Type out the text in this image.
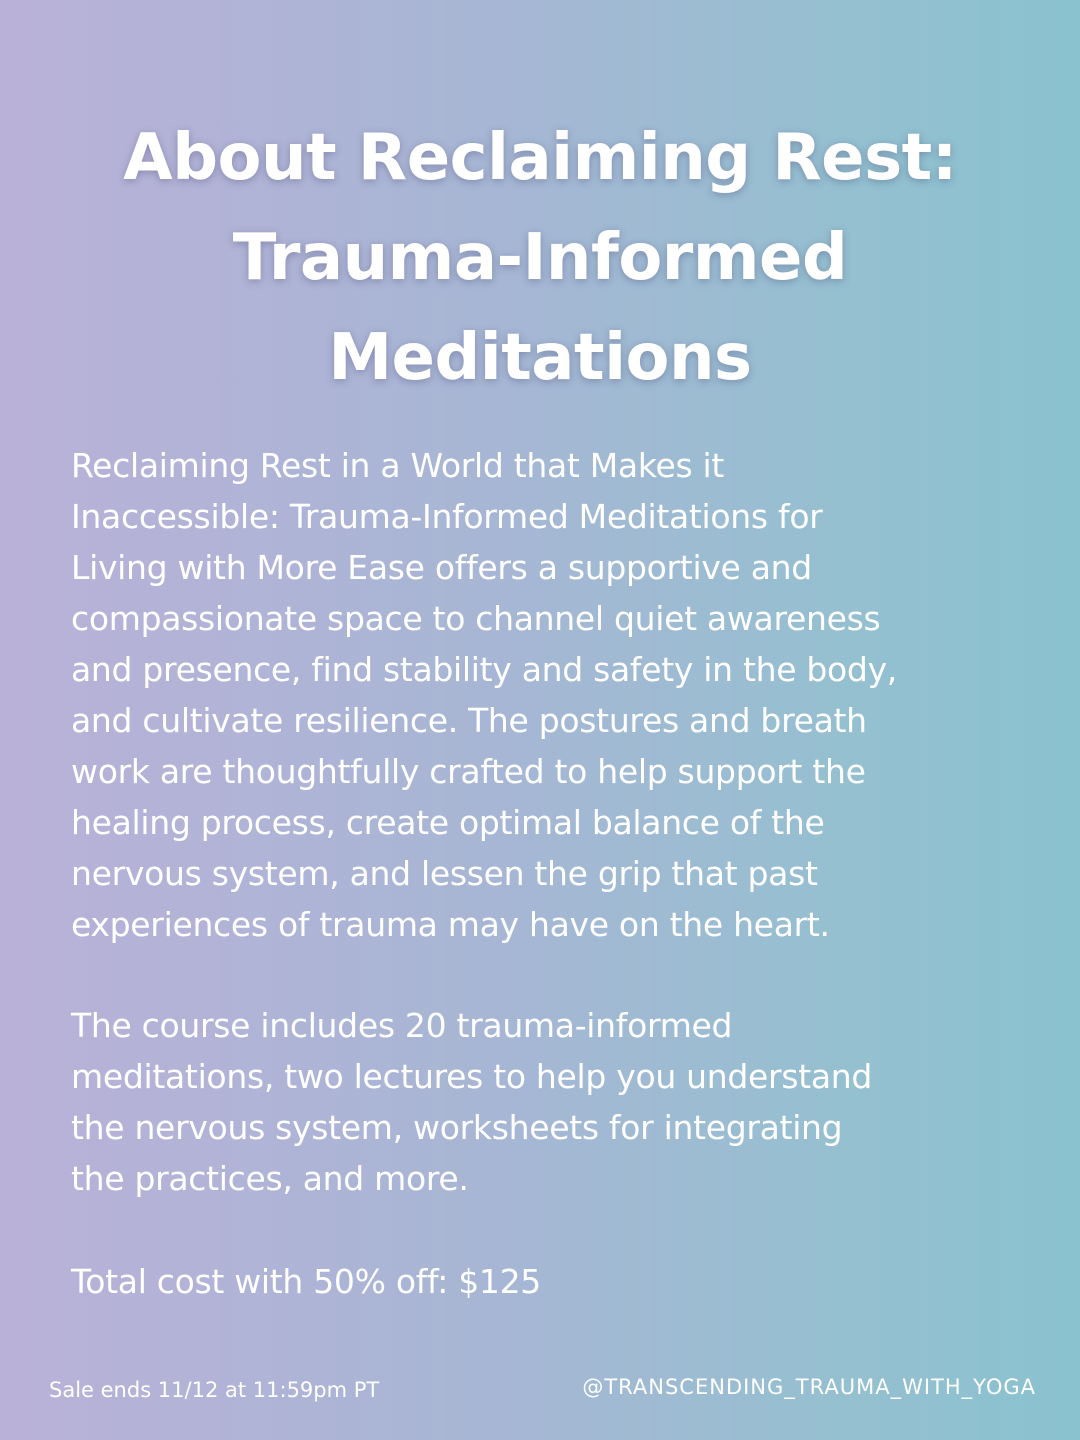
About Reclaiming Rest:
Trauma-Informed
Meditations

Reclaiming Rest in a World that Makes it
Inaccessible: Trauma-Informed Meditations for
Living with More Ease offers a supportive and
compassionate space to channel quiet awareness
and presence, find stability and safety in the body,
and cultivate resilience. The postures and breath
work are thoughtfully crafted to help support the
healing process, create optimal balance of the
nervous system, and lessen the grip that past
experiences of trauma may have on the heart.

The course includes 20 trauma-informed
meditations, two lectures to help you understand
the nervous system, worksheets for integrating
the practices, and more.

Total cost with 50% off: $125

Sale ends 11/12 at 11:59pm PT	@TRANSCENDING_TRAUMA_WITH_YOGA
